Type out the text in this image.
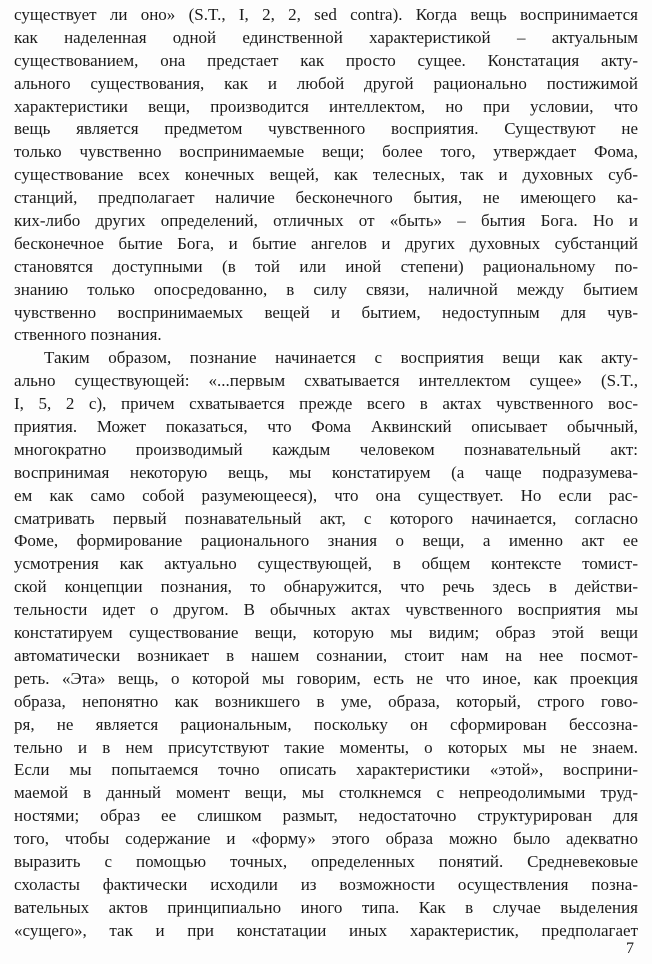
существует ли оно» (S.T., I, 2, 2, sed contra). Когда вещь воспринимается
как наделенная одной единственной характеристикой – актуальным
существованием, она предстает как просто сущее. Констатация акту-
ального существования, как и любой другой рационально постижимой
характеристики вещи, производится интеллектом, но при условии, что
вещь является предметом чувственного восприятия. Существуют не
только чувственно воспринимаемые вещи; более того, утверждает Фома,
существование всех конечных вещей, как телесных, так и духовных суб-
станций, предполагает наличие бесконечного бытия, не имеющего ка-
ких-либо других определений, отличных от «быть» – бытия Бога. Но и
бесконечное бытие Бога, и бытие ангелов и других духовных субстанций
становятся доступными (в той или иной степени) рациональному по-
знанию только опосредованно, в силу связи, наличной между бытием
чувственно воспринимаемых вещей и бытием, недоступным для чув-
ственного познания.
Таким образом, познание начинается с восприятия вещи как акту-
ально существующей: «...первым схватывается интеллектом сущее» (S.T.,
I, 5, 2 c), причем схватывается прежде всего в актах чувственного вос-
приятия. Может показаться, что Фома Аквинский описывает обычный,
многократно производимый каждым человеком познавательный акт:
воспринимая некоторую вещь, мы констатируем (а чаще подразумева-
ем как само собой разумеющееся), что она существует. Но если рас-
сматривать первый познавательный акт, с которого начинается, согласно
Фоме, формирование рационального знания о вещи, а именно акт ее
усмотрения как актуально существующей, в общем контексте томист-
ской концепции познания, то обнаружится, что речь здесь в действи-
тельности идет о другом. В обычных актах чувственного восприятия мы
констатируем существование вещи, которую мы видим; образ этой вещи
автоматически возникает в нашем сознании, стоит нам на нее посмот-
реть. «Эта» вещь, о которой мы говорим, есть не что иное, как проекция
образа, непонятно как возникшего в уме, образа, который, строго гово-
ря, не является рациональным, поскольку он сформирован бессозна-
тельно и в нем присутствуют такие моменты, о которых мы не знаем.
Если мы попытаемся точно описать характеристики «этой», восприни-
маемой в данный момент вещи, мы столкнемся с непреодолимыми труд-
ностями; образ ее слишком размыт, недостаточно структурирован для
того, чтобы содержание и «форму» этого образа можно было адекватно
выразить с помощью точных, определенных понятий. Средневековые
схоласты фактически исходили из возможности осуществления позна-
вательных актов принципиально иного типа. Как в случае выделения
«сущего», так и при констатации иных характеристик, предполагает
7
